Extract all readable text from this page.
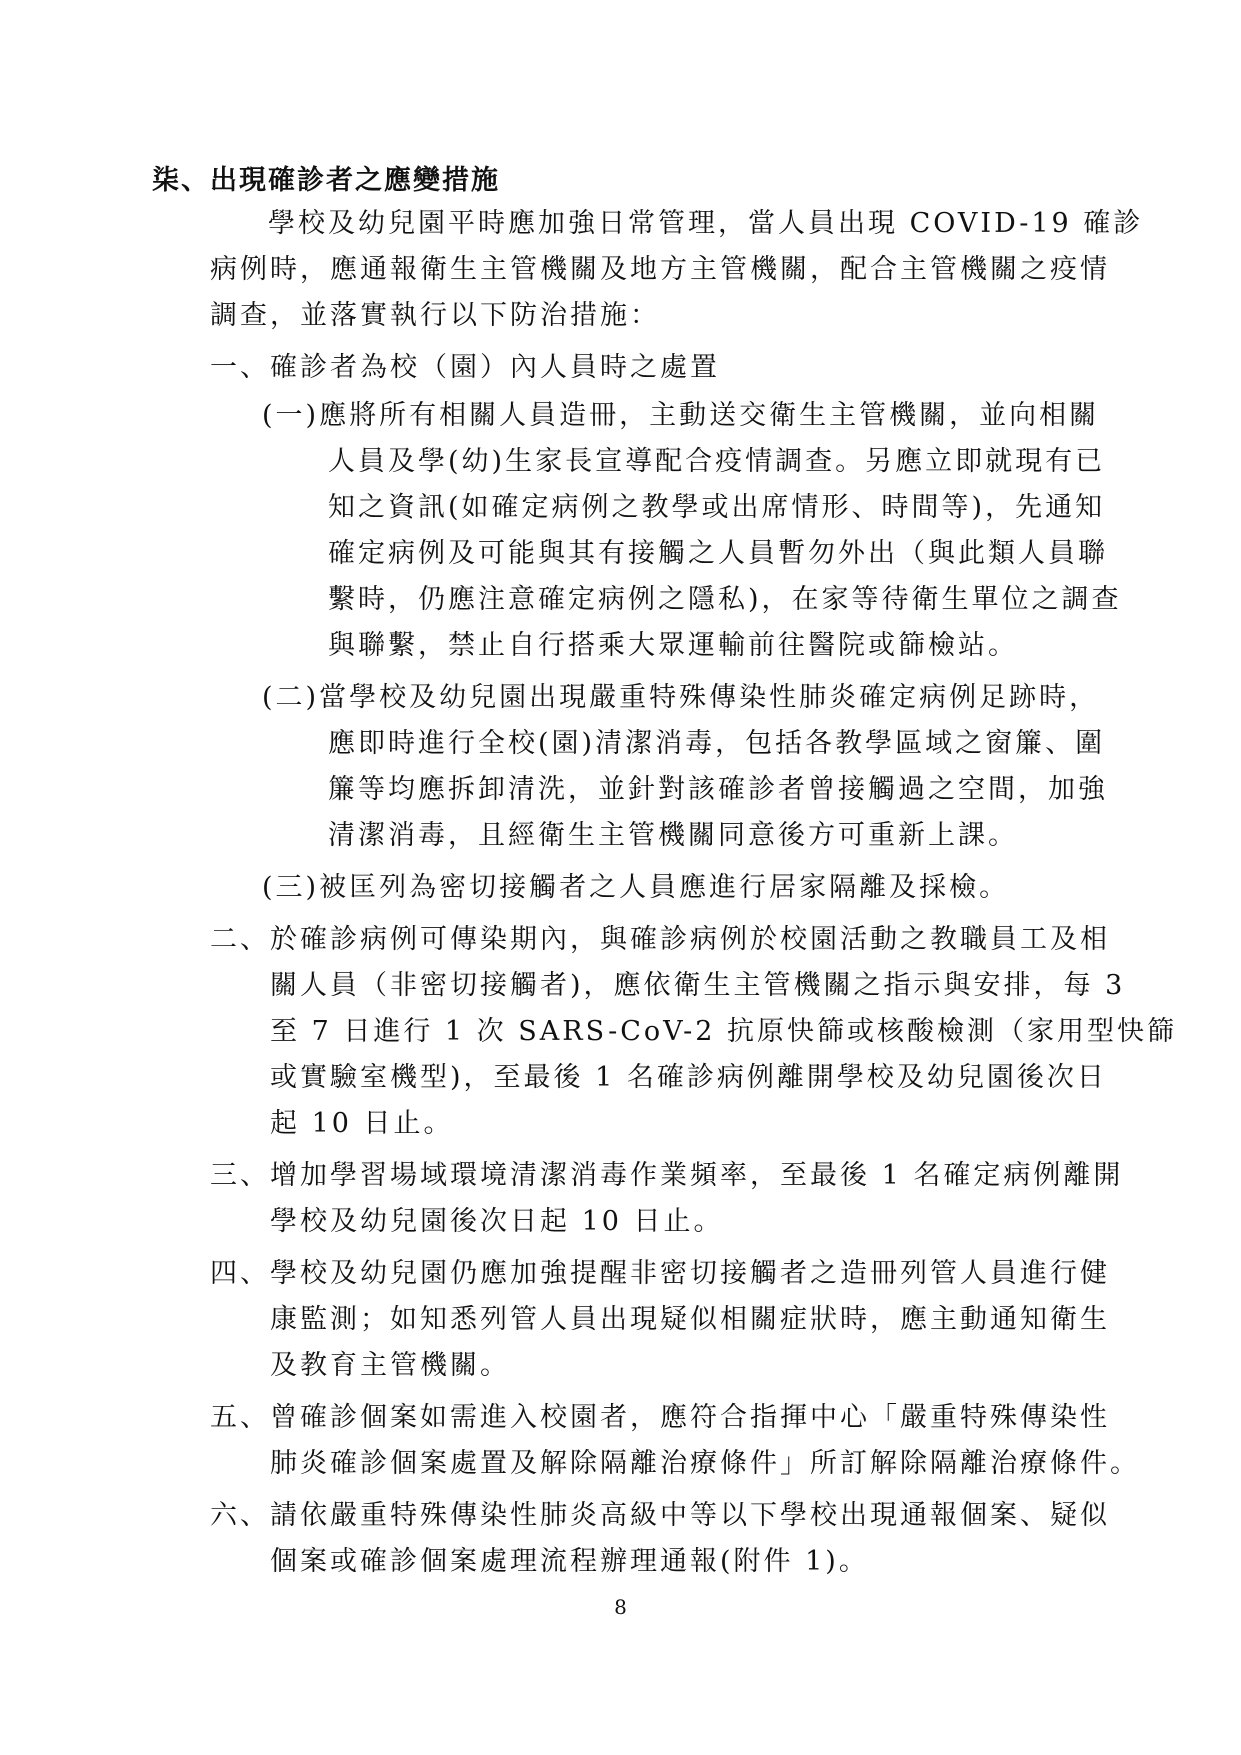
柒、出現確診者之應變措施
學校及幼兒園平時應加強日常管理，當人員出現 COVID-19 確診
病例時，應通報衛生主管機關及地方主管機關，配合主管機關之疫情
調查，並落實執行以下防治措施：
一、確診者為校（園）內人員時之處置
(一)應將所有相關人員造冊，主動送交衛生主管機關，並向相關
人員及學(幼)生家長宣導配合疫情調查。另應立即就現有已
知之資訊(如確定病例之教學或出席情形、時間等)，先通知
確定病例及可能與其有接觸之人員暫勿外出（與此類人員聯
繫時，仍應注意確定病例之隱私)，在家等待衛生單位之調查
與聯繫，禁止自行搭乘大眾運輸前往醫院或篩檢站。
(二)當學校及幼兒園出現嚴重特殊傳染性肺炎確定病例足跡時，
應即時進行全校(園)清潔消毒，包括各教學區域之窗簾、圍
簾等均應拆卸清洗，並針對該確診者曾接觸過之空間，加強
清潔消毒，且經衛生主管機關同意後方可重新上課。
(三)被匡列為密切接觸者之人員應進行居家隔離及採檢。
二、於確診病例可傳染期內，與確診病例於校園活動之教職員工及相
關人員（非密切接觸者)，應依衛生主管機關之指示與安排，每 3
至 7 日進行 1 次 SARS-CoV-2 抗原快篩或核酸檢測（家用型快篩
或實驗室機型)，至最後 1 名確診病例離開學校及幼兒園後次日
起 10 日止。
三、增加學習場域環境清潔消毒作業頻率，至最後 1 名確定病例離開
學校及幼兒園後次日起 10 日止。
四、學校及幼兒園仍應加強提醒非密切接觸者之造冊列管人員進行健
康監測；如知悉列管人員出現疑似相關症狀時，應主動通知衛生
及教育主管機關。
五、曾確診個案如需進入校園者，應符合指揮中心「嚴重特殊傳染性
肺炎確診個案處置及解除隔離治療條件」所訂解除隔離治療條件。
六、請依嚴重特殊傳染性肺炎高級中等以下學校出現通報個案、疑似
個案或確診個案處理流程辦理通報(附件 1)。
8
